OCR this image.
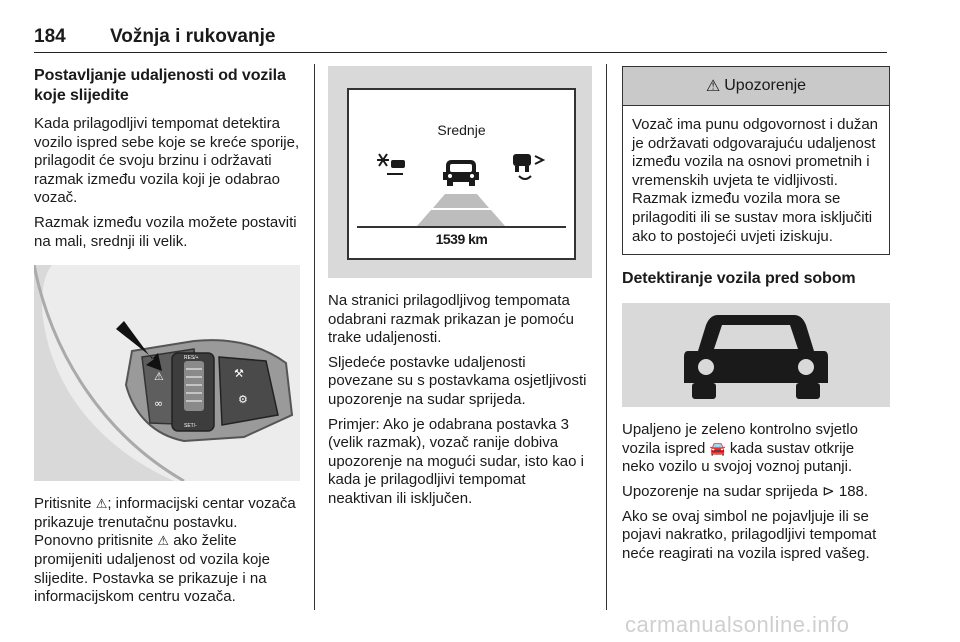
184 Vožnja i rukovanje
Postavljanje udaljenosti od vozila koje slijedite

Kada prilagodljivi tempomat detektira vozilo ispred sebe koje se kreće sporije, prilagodit će svoju brzinu i održavati razmak između vozila koji je odabrao vozač.

Razmak između vozila možete postaviti na mali, srednji ili velik.

RES/+
SET/-
⚠
∞
⚒
⚙

Pritisnite ⚠; informacijski centar vozača prikazuje trenutačnu postavku. Ponovno pritisnite ⚠ ako želite promijeniti udaljenost od vozila koje slijedite. Postavka se prikazuje i na informacijskom centru vozača.

Srednje
1539 km

Na stranici prilagodljivog tempomata odabrani razmak prikazan je pomoću trake udaljenosti.

Sljedeće postavke udaljenosti povezane su s postavkama osjetljivosti upozorenje na sudar sprijeda.

Primjer: Ako je odabrana postavka 3 (velik razmak), vozač ranije dobiva upozorenje na mogući sudar, isto kao i kada je prilagodljivi tempomat neaktivan ili isključen.

⚠ Upozorenje

Vozač ima punu odgovornost i dužan je održavati odgovarajuću udaljenost između vozila na osnovi prometnih i vremenskih uvjeta te vidljivosti. Razmak između vozila mora se prilagoditi ili se sustav mora isključiti ako to postojeći uvjeti iziskuju.

Detektiranje vozila pred sobom

Upaljeno je zeleno kontrolno svjetlo vozila ispred 🚘 kada sustav otkrije neko vozilo u svojoj voznoj putanji.

Upozorenje na sudar sprijeda ⊳ 188.

Ako se ovaj simbol ne pojavljuje ili se pojavi nakratko, prilagodljivi tempomat neće reagirati na vozila ispred vašeg.

carmanualsonline.info
